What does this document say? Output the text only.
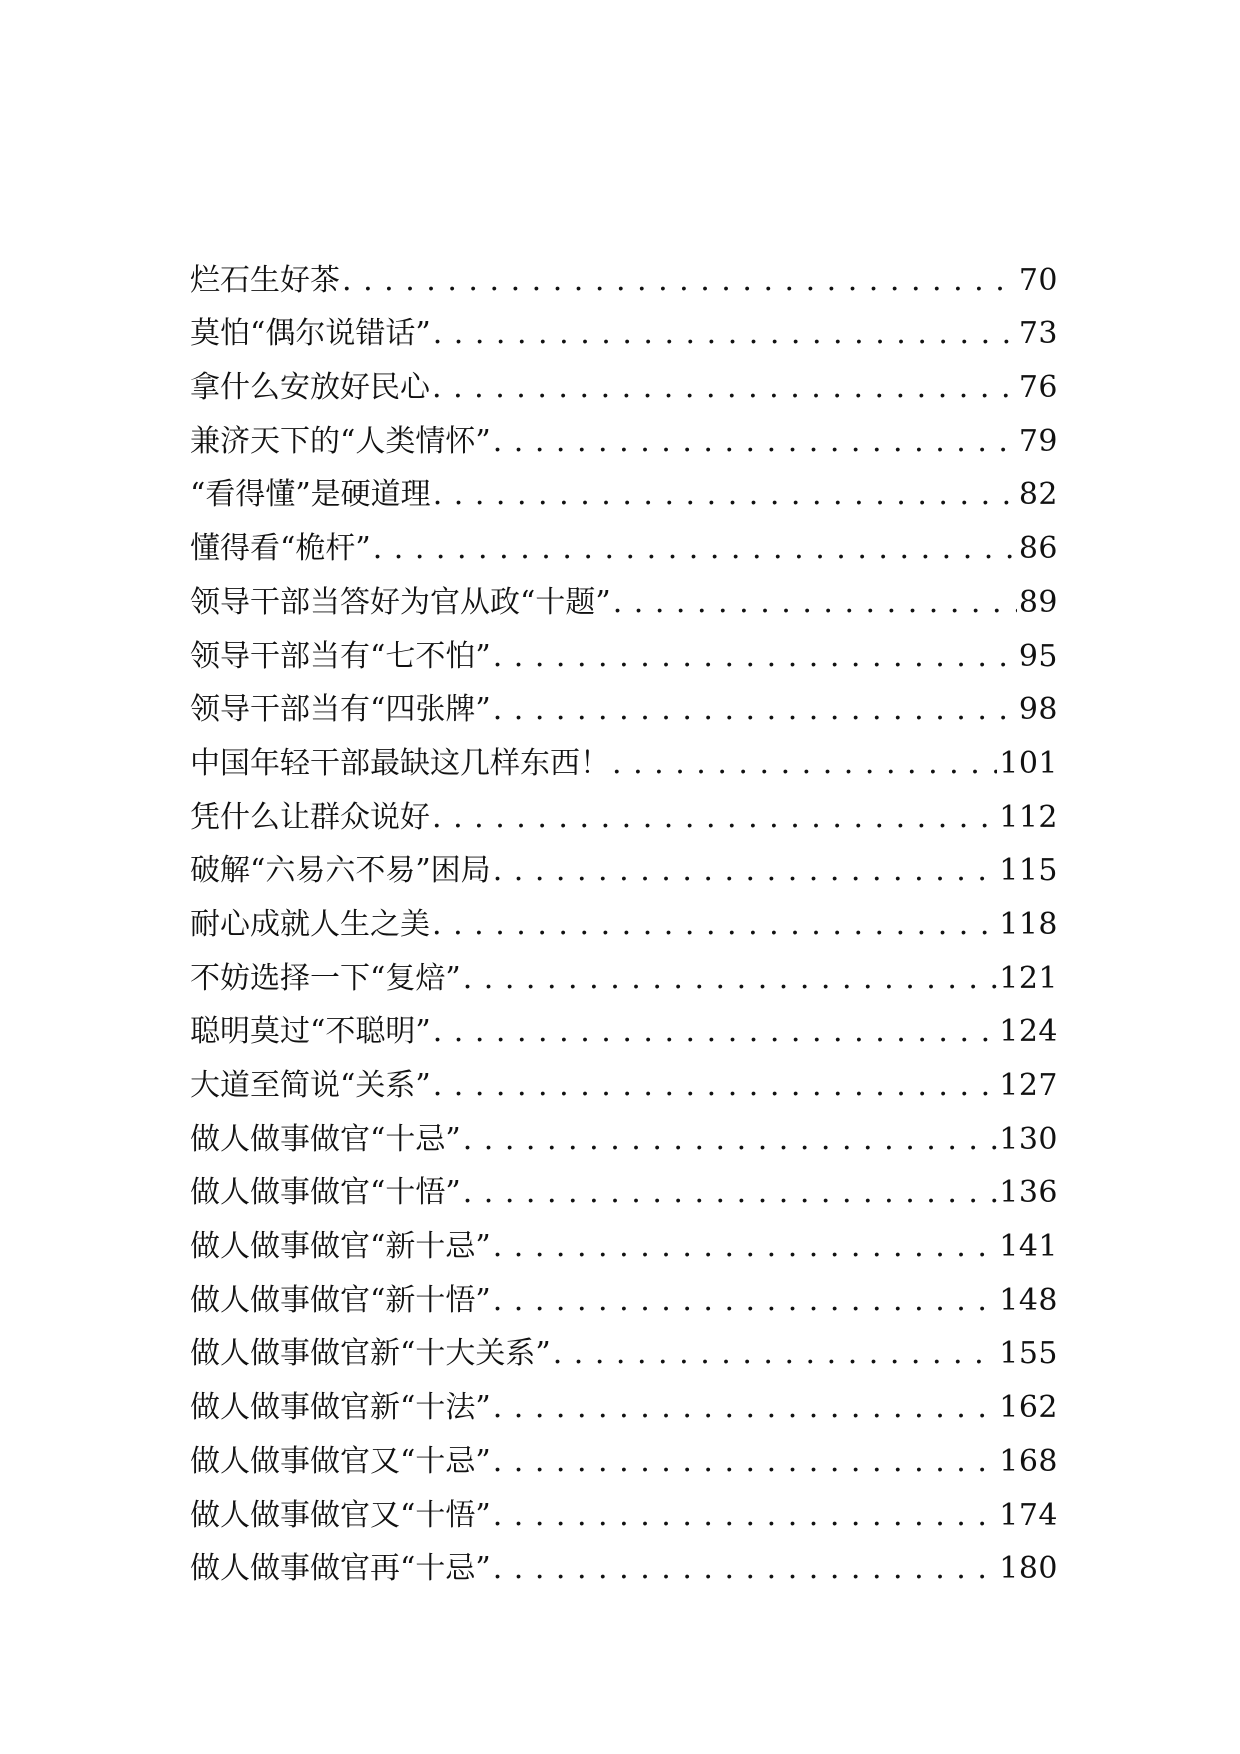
烂石生好茶 . . .	70
莫怕“偶尔说错话” . . .	73
拿什么安放好民心 . . .	76
兼济天下的“人类情怀” . . .	79
“看得懂”是硬道理 . . .	82
懂得看“桅杆” . . .	86
领导干部当答好为官从政“十题” . . .	89
领导干部当有“七不怕” . . .	95
领导干部当有“四张牌” . . .	98
中国年轻干部最缺这几样东西！ . . .	101
凭什么让群众说好 . . .	112
破解“六易六不易”困局 . . .	115
耐心成就人生之美 . . .	118
不妨选择一下“复焙” . . .	121
聪明莫过“不聪明” . . .	124
大道至简说“关系” . . .	127
做人做事做官“十忌” . . .	130
做人做事做官“十悟” . . .	136
做人做事做官“新十忌” . . .	141
做人做事做官“新十悟” . . .	148
做人做事做官新“十大关系” . . .	155
做人做事做官新“十法” . . .	162
做人做事做官又“十忌” . . .	168
做人做事做官又“十悟” . . .	174
做人做事做官再“十忌” . . .	180
